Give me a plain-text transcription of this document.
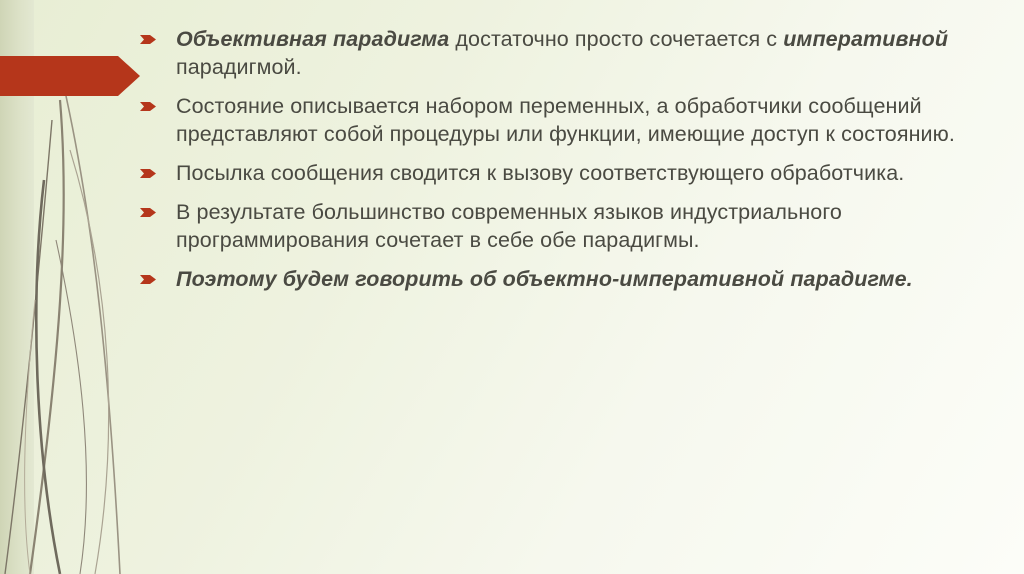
Объективная парадигма достаточно просто сочетается с императивной парадигмой.
Состояние описывается набором переменных, а обработчики сообщений представляют собой процедуры или функции, имеющие доступ к состоянию.
Посылка сообщения сводится к вызову соответствующего обработчика.
В результате большинство современных языков индустриального программирования сочетает в себе обе парадигмы.
Поэтому будем говорить об объектно-императивной парадигме.
